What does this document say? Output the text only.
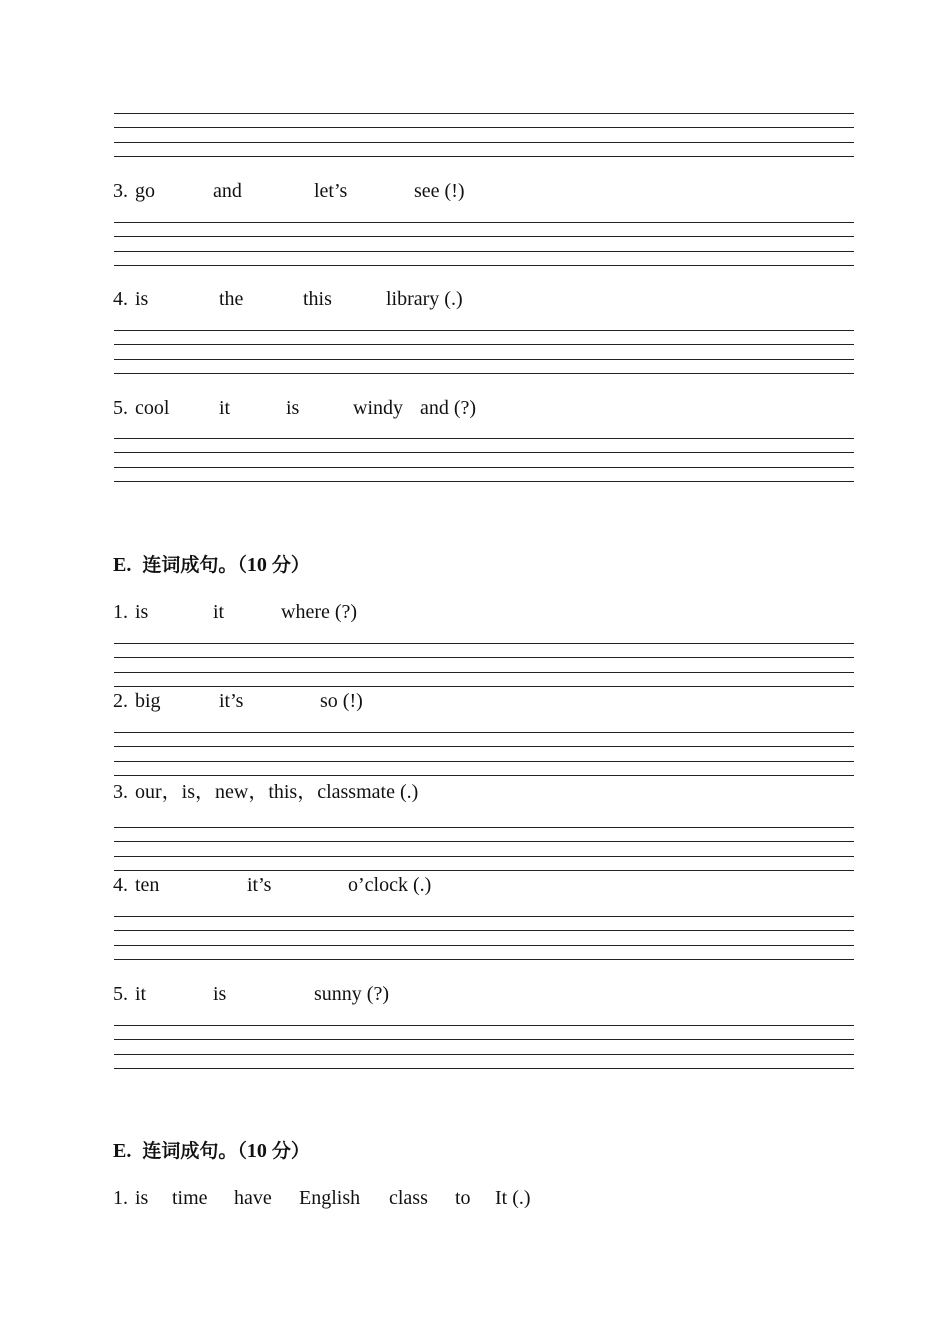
3. go	and	let’s	see (!)
4. is	the	this	library (.)
5. cool it	is	windy and (?)
E. 连词成句。（10 分）
1. is	it	where (?)
2. big	it’s	so (!)
3. our，is，new，this，classmate (.)
4. ten	it’s	o’clock (.)
5. it	is	sunny (?)
E. 连词成句。（10 分）
1. is time have English class to It (.)
